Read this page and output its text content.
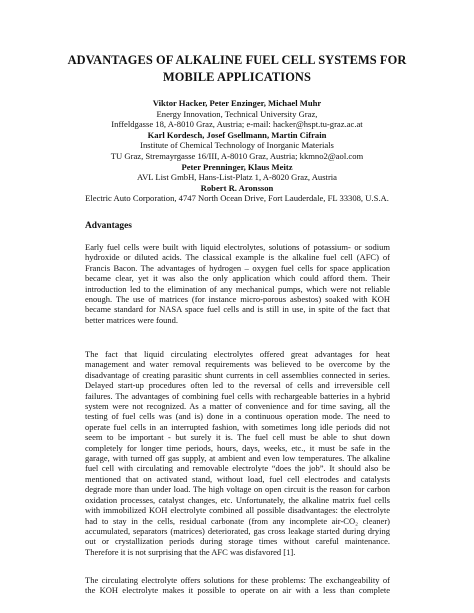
ADVANTAGES OF ALKALINE FUEL CELL SYSTEMS FOR
MOBILE APPLICATIONS
Viktor Hacker, Peter Enzinger, Michael Muhr
Energy Innovation, Technical University Graz,
Inffeldgasse 18, A-8010 Graz, Austria; e-mail: hacker@hspt.tu-graz.ac.at
Karl Kordesch, Josef Gsellmann, Martin Cifrain
Institute of Chemical Technology of Inorganic Materials
TU Graz, Stremayrgasse 16/III, A-8010 Graz, Austria; kkmno2@aol.com
Peter Prenninger, Klaus Meitz
AVL List GmbH, Hans-List-Platz 1, A-8020 Graz, Austria
Robert R. Aronsson
Electric Auto Corporation, 4747 North Ocean Drive, Fort Lauderdale, FL 33308, U.S.A.
Advantages
Early fuel cells were built with liquid electrolytes, solutions of potassium- or sodium
hydroxide or diluted acids. The classical example is the alkaline fuel cell (AFC) of
Francis Bacon. The advantages of hydrogen – oxygen fuel cells for space application
became clear, yet it was also the only application which could afford them. Their
introduction led to the elimination of any mechanical pumps, which were not reliable
enough. The use of matrices (for instance micro-porous asbestos) soaked with KOH
became standard for NASA space fuel cells and is still in use, in spite of the fact that
better matrices were found.
The fact that liquid circulating electrolytes offered great advantages for heat
management and water removal requirements was believed to be overcome by the
disadvantage of creating parasitic shunt currents in cell assemblies connected in series.
Delayed start-up procedures often led to the reversal of cells and irreversible cell
failures. The advantages of combining fuel cells with rechargeable batteries in a hybrid
system were not recognized. As a matter of convenience and for time saving, all the
testing of fuel cells was (and is) done in a continuous operation mode. The need to
operate fuel cells in an interrupted fashion, with sometimes long idle periods did not
seem to be important - but surely it is. The fuel cell must be able to shut down
completely for longer time periods, hours, days, weeks, etc., it must be safe in the
garage, with turned off gas supply, at ambient and even low temperatures. The alkaline
fuel cell with circulating and removable electrolyte “does the job”. It should also be
mentioned that on activated stand, without load, fuel cell electrodes and catalysts
degrade more than under load. The high voltage on open circuit is the reason for carbon
oxidation processes, catalyst changes, etc. Unfortunately, the alkaline matrix fuel cells
with immobilized KOH electrolyte combined all possible disadvantages: the electrolyte
had to stay in the cells, residual carbonate (from any incomplete air-CO₂ cleaner)
accumulated, separators (matrices) deteriorated, gas cross leakage started during drying
out or crystallization periods during storage times without careful maintenance.
Therefore it is not surprising that the AFC was disfavored [1].
The circulating electrolyte offers solutions for these problems: The exchangeability of
the KOH electrolyte makes it possible to operate on air with a less than complete
